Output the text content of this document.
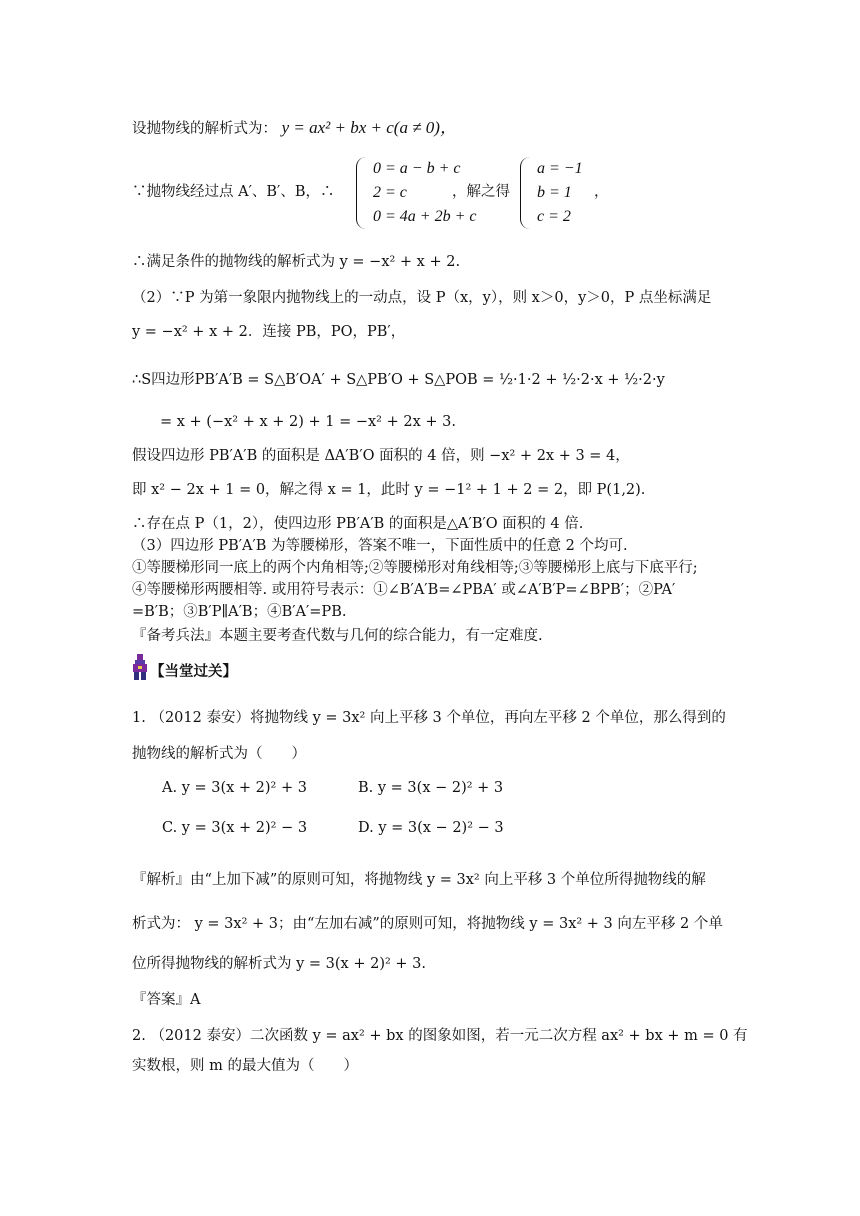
设抛物线的解析式为： y = ax² + bx + c(a ≠ 0)，
∵抛物线经过点 A′、B′、B，∴
0 = a − b + c
2 = c
0 = 4a + 2b + c
，解之得
a = −1
b = 1
c = 2
，
∴满足条件的抛物线的解析式为 y = −x² + x + 2.
（2）∵P 为第一象限内抛物线上的一动点，设 P（x，y），则 x＞0，y＞0，P 点坐标满足
y = −x² + x + 2．连接 PB，PO，PB′，
∴S四边形PB′A′B = S△B′OA′ + S△PB′O + S△POB = ½·1·2 + ½·2·x + ½·2·y
= x + (−x² + x + 2) + 1 = −x² + 2x + 3.
假设四边形 PB′A′B 的面积是 ΔA′B′O 面积的 4 倍，则 −x² + 2x + 3 = 4，
即 x² − 2x + 1 = 0，解之得 x = 1，此时 y = −1² + 1 + 2 = 2，即 P(1,2).
∴存在点 P（1，2），使四边形 PB′A′B 的面积是△A′B′O 面积的 4 倍.
（3）四边形 PB′A′B 为等腰梯形，答案不唯一，下面性质中的任意 2 个均可.
①等腰梯形同一底上的两个内角相等;②等腰梯形对角线相等;③等腰梯形上底与下底平行;
④等腰梯形两腰相等. 或用符号表示：①∠B′A′B=∠PBA′ 或∠A′B′P=∠BPB′；②PA′
=B′B；③B′P∥A′B；④B′A′=PB.
『备考兵法』本题主要考查代数与几何的综合能力，有一定难度.
【当堂过关】
1. （2012 泰安）将抛物线 y = 3x² 向上平移 3 个单位，再向左平移 2 个单位，那么得到的
抛物线的解析式为（　　）
A. y = 3(x + 2)² + 3	B. y = 3(x − 2)² + 3
C. y = 3(x + 2)² − 3	D. y = 3(x − 2)² − 3
『解析』由“上加下减”的原则可知，将抛物线 y = 3x² 向上平移 3 个单位所得抛物线的解
析式为： y = 3x² + 3；由“左加右减”的原则可知，将抛物线 y = 3x² + 3 向左平移 2 个单
位所得抛物线的解析式为 y = 3(x + 2)² + 3.
『答案』A
2. （2012 泰安）二次函数 y = ax² + bx 的图象如图，若一元二次方程 ax² + bx + m = 0 有
实数根，则 m 的最大值为（　　）
